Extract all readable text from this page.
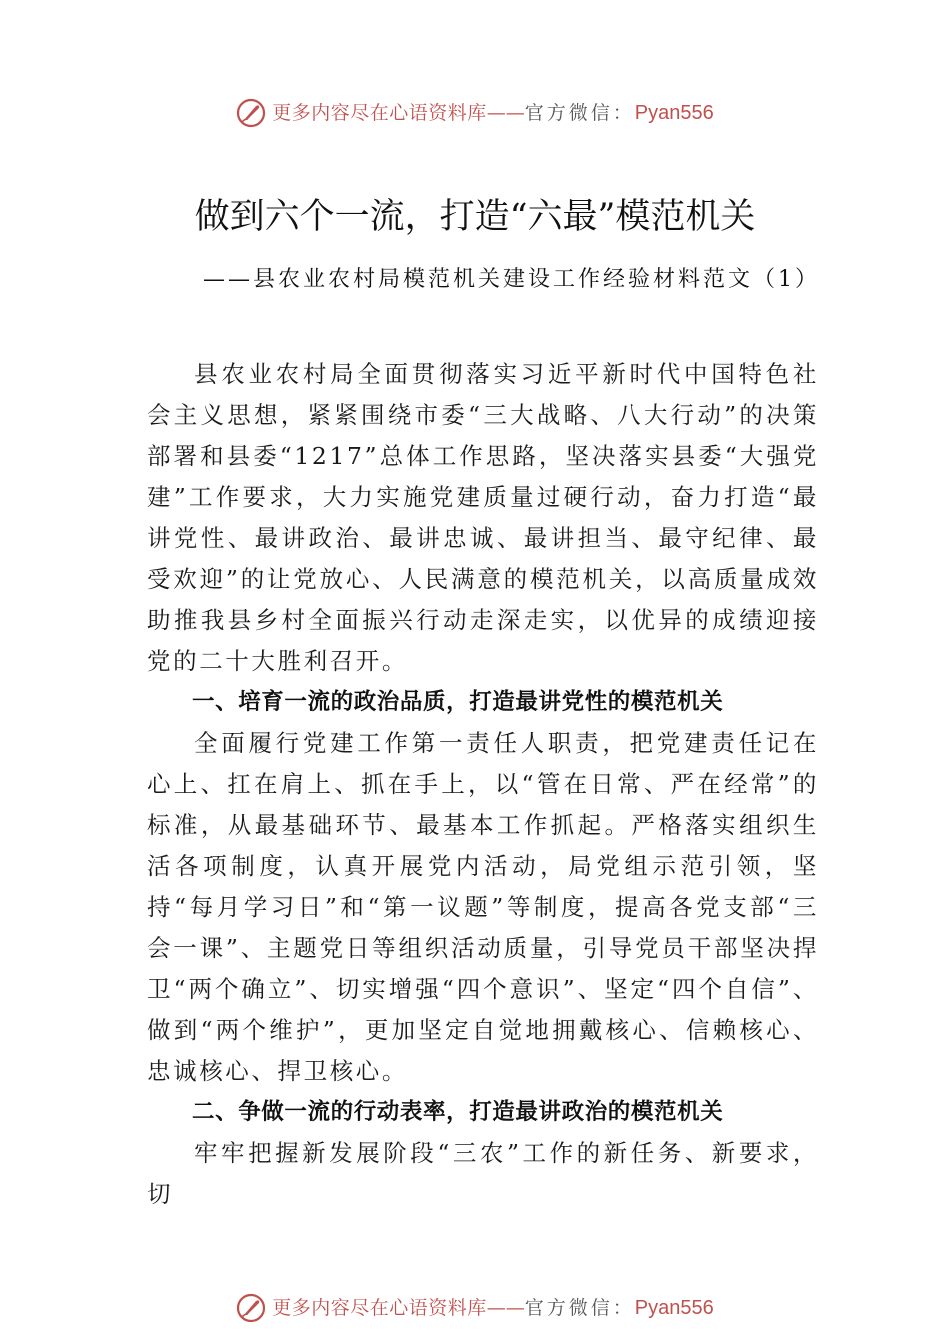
更多内容尽在心语资料库 —— 官方微信： Pyan556
做到六个一流，打造“六最”模范机关
——县农业农村局模范机关建设工作经验材料范文（1）

县农业农村局全面贯彻落实习近平新时代中国特色社会主义思想，紧紧围绕市委“三大战略、八大行动”的决策部署和县委“1217”总体工作思路，坚决落实县委“大强党建”工作要求，大力实施党建质量过硬行动，奋力打造“最讲党性、最讲政治、最讲忠诚、最讲担当、最守纪律、最受欢迎”的让党放心、人民满意的模范机关，以高质量成效助推我县乡村全面振兴行动走深走实，以优异的成绩迎接党的二十大胜利召开。

一、培育一流的政治品质，打造最讲党性的模范机关

全面履行党建工作第一责任人职责，把党建责任记在心上、扛在肩上、抓在手上，以“管在日常、严在经常”的标准，从最基础环节、最基本工作抓起。严格落实组织生活各项制度，认真开展党内活动，局党组示范引领，坚持“每月学习日”和“第一议题”等制度，提高各党支部“三会一课”、主题党日等组织活动质量，引导党员干部坚决捍卫“两个确立”、切实增强“四个意识”、坚定“四个自信”、做到“两个维护”，更加坚定自觉地拥戴核心、信赖核心、忠诚核心、捍卫核心。

二、争做一流的行动表率，打造最讲政治的模范机关

牢牢把握新发展阶段“三农”工作的新任务、新要求，切

更多内容尽在心语资料库 —— 官方微信： Pyan556
